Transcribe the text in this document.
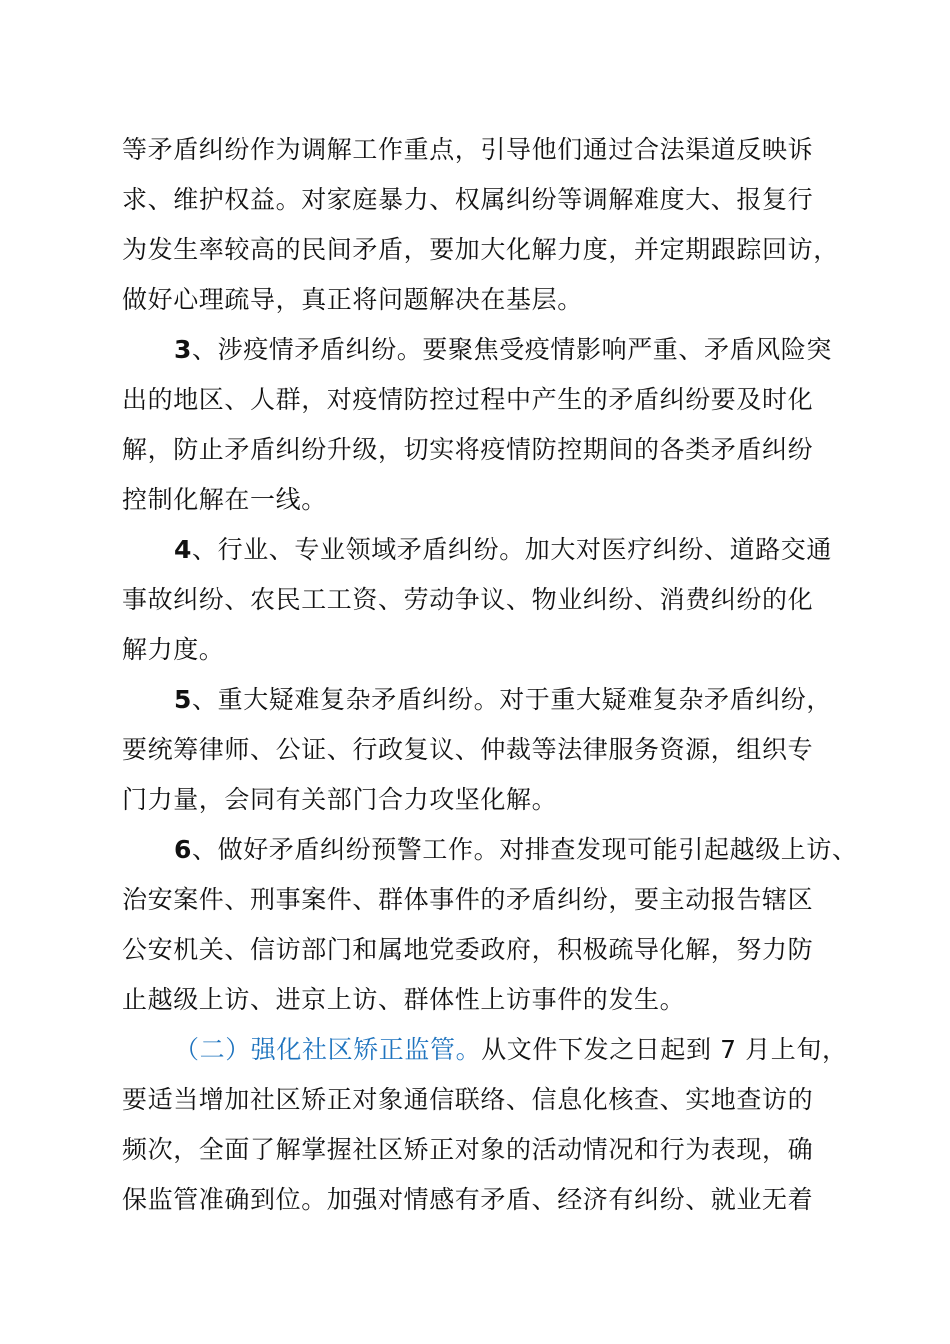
等矛盾纠纷作为调解工作重点，引导他们通过合法渠道反映诉
求、维护权益。对家庭暴力、权属纠纷等调解难度大、报复行
为发生率较高的民间矛盾，要加大化解力度，并定期跟踪回访，
做好心理疏导，真正将问题解决在基层。
3、涉疫情矛盾纠纷。要聚焦受疫情影响严重、矛盾风险突
出的地区、人群，对疫情防控过程中产生的矛盾纠纷要及时化
解，防止矛盾纠纷升级，切实将疫情防控期间的各类矛盾纠纷
控制化解在一线。
4、行业、专业领域矛盾纠纷。加大对医疗纠纷、道路交通
事故纠纷、农民工工资、劳动争议、物业纠纷、消费纠纷的化
解力度。
5、重大疑难复杂矛盾纠纷。对于重大疑难复杂矛盾纠纷，
要统筹律师、公证、行政复议、仲裁等法律服务资源，组织专
门力量，会同有关部门合力攻坚化解。
6、做好矛盾纠纷预警工作。对排查发现可能引起越级上访、
治安案件、刑事案件、群体事件的矛盾纠纷，要主动报告辖区
公安机关、信访部门和属地党委政府，积极疏导化解，努力防
止越级上访、进京上访、群体性上访事件的发生。
（二）强化社区矫正监管。从文件下发之日起到 7 月上旬，
要适当增加社区矫正对象通信联络、信息化核查、实地查访的
频次，全面了解掌握社区矫正对象的活动情况和行为表现，确
保监管准确到位。加强对情感有矛盾、经济有纠纷、就业无着
